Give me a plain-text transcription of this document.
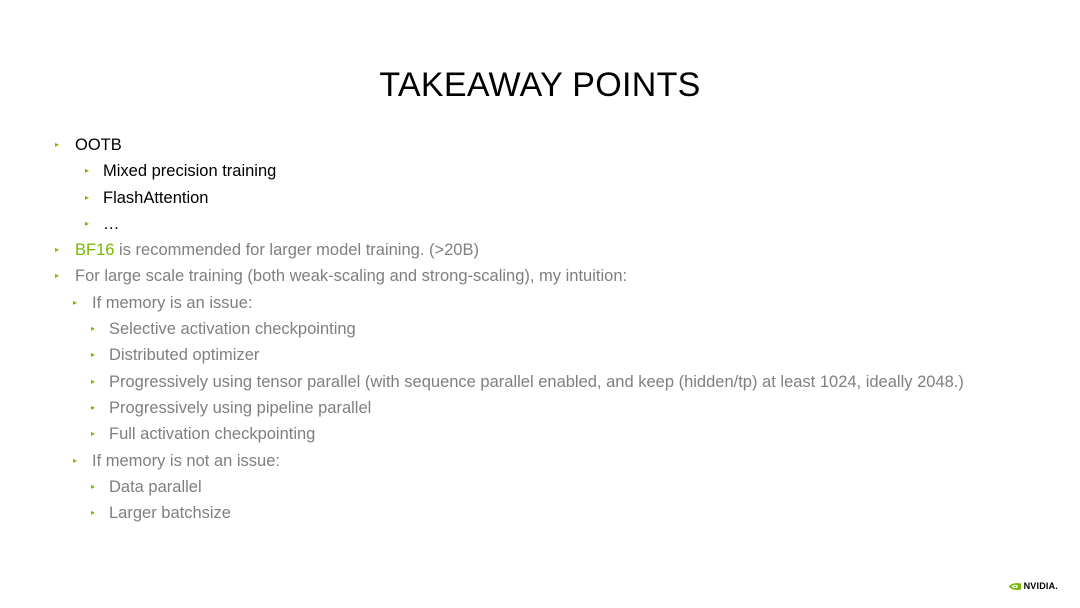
TAKEAWAY POINTS
▸ OOTB
▸ Mixed precision training
▸ FlashAttention
▸ …
▸ BF16 is recommended for larger model training. (>20B)
▸ For large scale training (both weak-scaling and strong-scaling), my intuition:
▸ If memory is an issue:
▸ Selective activation checkpointing
▸ Distributed optimizer
▸ Progressively using tensor parallel (with sequence parallel enabled, and keep (hidden/tp) at least 1024, ideally 2048.)
▸ Progressively using pipeline parallel
▸ Full activation checkpointing
▸ If memory is not an issue:
▸ Data parallel
▸ Larger batchsize
NVIDIA.
